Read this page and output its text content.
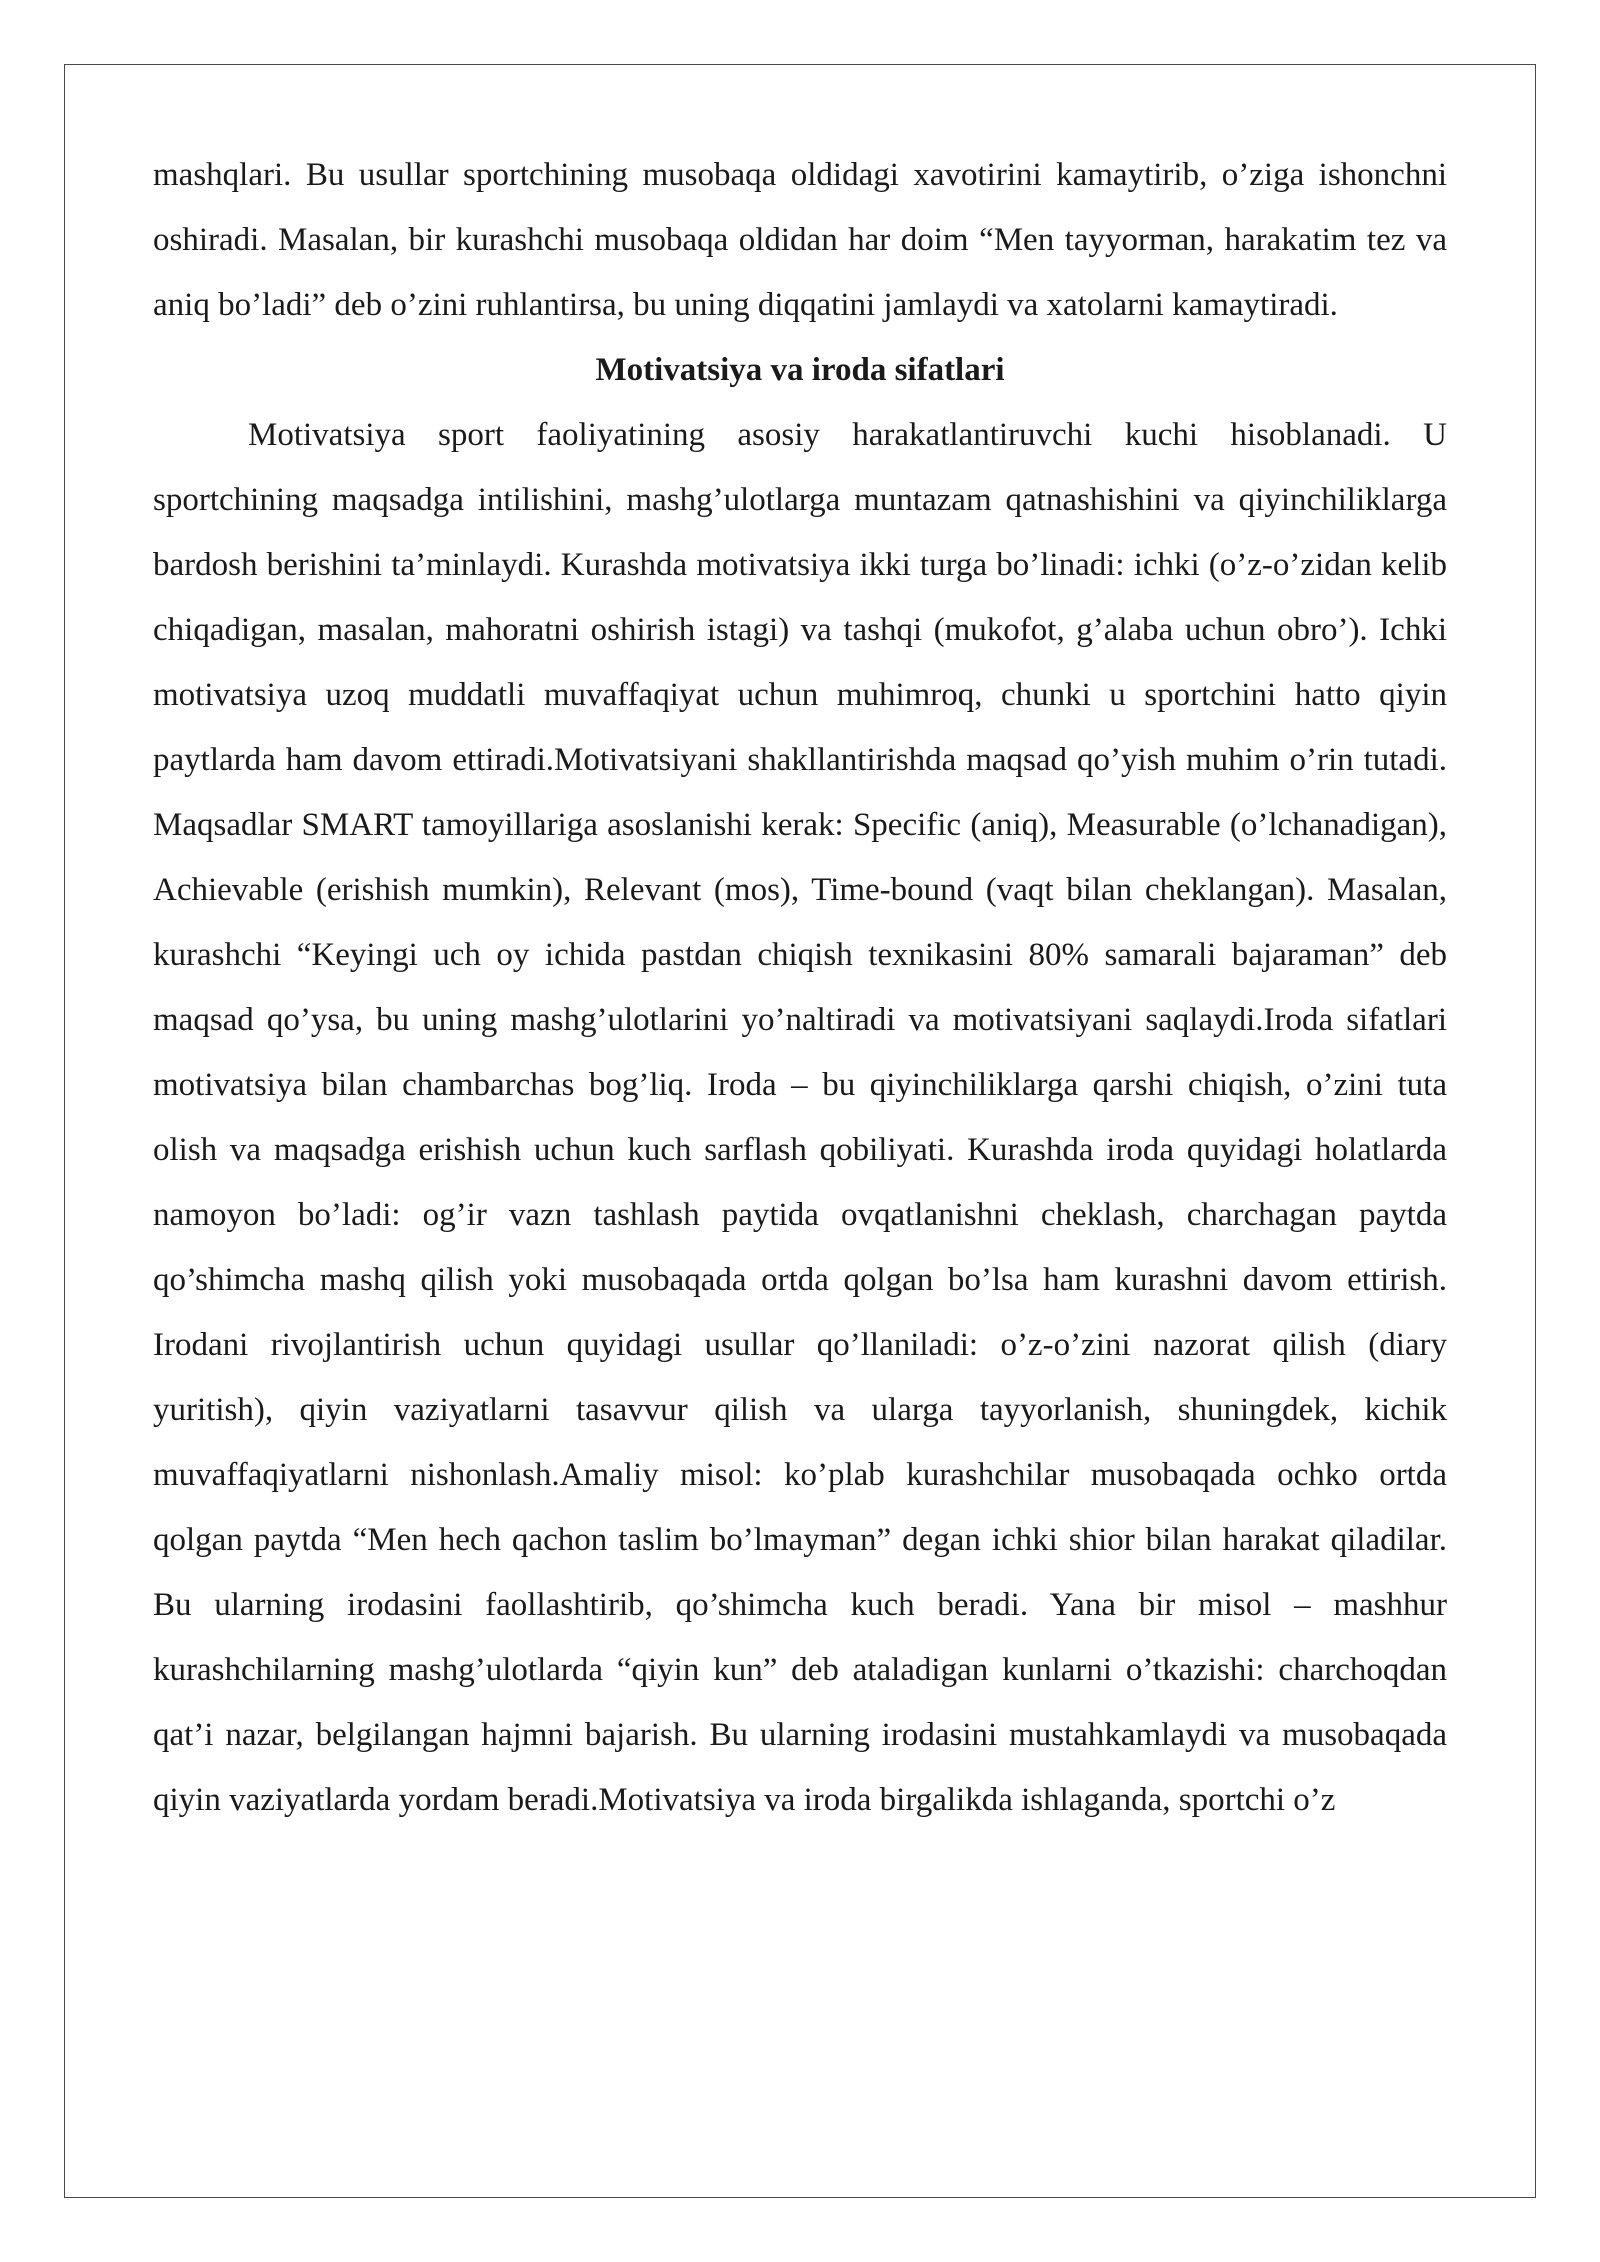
mashqlari. Bu usullar sportchining musobaqa oldidagi xavotirini kamaytirib, o’ziga ishonchni oshiradi. Masalan, bir kurashchi musobaqa oldidan har doim “Men tayyorman, harakatim tez va aniq bo’ladi” deb o’zini ruhlantirsa, bu uning diqqatini jamlaydi va xatolarni kamaytiradi.

Motivatsiya va iroda sifatlari

Motivatsiya sport faoliyatining asosiy harakatlantiruvchi kuchi hisoblanadi. U sportchining maqsadga intilishini, mashg’ulotlarga muntazam qatnashishini va qiyinchiliklarga bardosh berishini ta’minlaydi. Kurashda motivatsiya ikki turga bo’linadi: ichki (o’z-o’zidan kelib chiqadigan, masalan, mahoratni oshirish istagi) va tashqi (mukofot, g’alaba uchun obro’). Ichki motivatsiya uzoq muddatli muvaffaqiyat uchun muhimroq, chunki u sportchini hatto qiyin paytlarda ham davom ettiradi.Motivatsiyani shakllantirishda maqsad qo’yish muhim o’rin tutadi. Maqsadlar SMART tamoyillariga asoslanishi kerak: Specific (aniq), Measurable (o’lchanadigan), Achievable (erishish mumkin), Relevant (mos), Time-bound (vaqt bilan cheklangan). Masalan, kurashchi “Keyingi uch oy ichida pastdan chiqish texnikasini 80% samarali bajaraman” deb maqsad qo’ysa, bu uning mashg’ulotlarini yo’naltiradi va motivatsiyani saqlaydi.Iroda sifatlari motivatsiya bilan chambarchas bog’liq. Iroda – bu qiyinchiliklarga qarshi chiqish, o’zini tuta olish va maqsadga erishish uchun kuch sarflash qobiliyati. Kurashda iroda quyidagi holatlarda namoyon bo’ladi: og’ir vazn tashlash paytida ovqatlanishni cheklash, charchagan paytda qo’shimcha mashq qilish yoki musobaqada ortda qolgan bo’lsa ham kurashni davom ettirish. Irodani rivojlantirish uchun quyidagi usullar qo’llaniladi: o’z-o’zini nazorat qilish (diary yuritish), qiyin vaziyatlarni tasavvur qilish va ularga tayyorlanish, shuningdek, kichik muvaffaqiyatlarni nishonlash.Amaliy misol: ko’plab kurashchilar musobaqada ochko ortda qolgan paytda “Men hech qachon taslim bo’lmayman” degan ichki shior bilan harakat qiladilar. Bu ularning irodasini faollashtirib, qo’shimcha kuch beradi. Yana bir misol – mashhur kurashchilarning mashg’ulotlarda “qiyin kun” deb ataladigan kunlarni o’tkazishi: charchoqdan qat’i nazar, belgilangan hajmni bajarish. Bu ularning irodasini mustahkamlaydi va musobaqada qiyin vaziyatlarda yordam beradi.Motivatsiya va iroda birgalikda ishlaganda, sportchi o’z
